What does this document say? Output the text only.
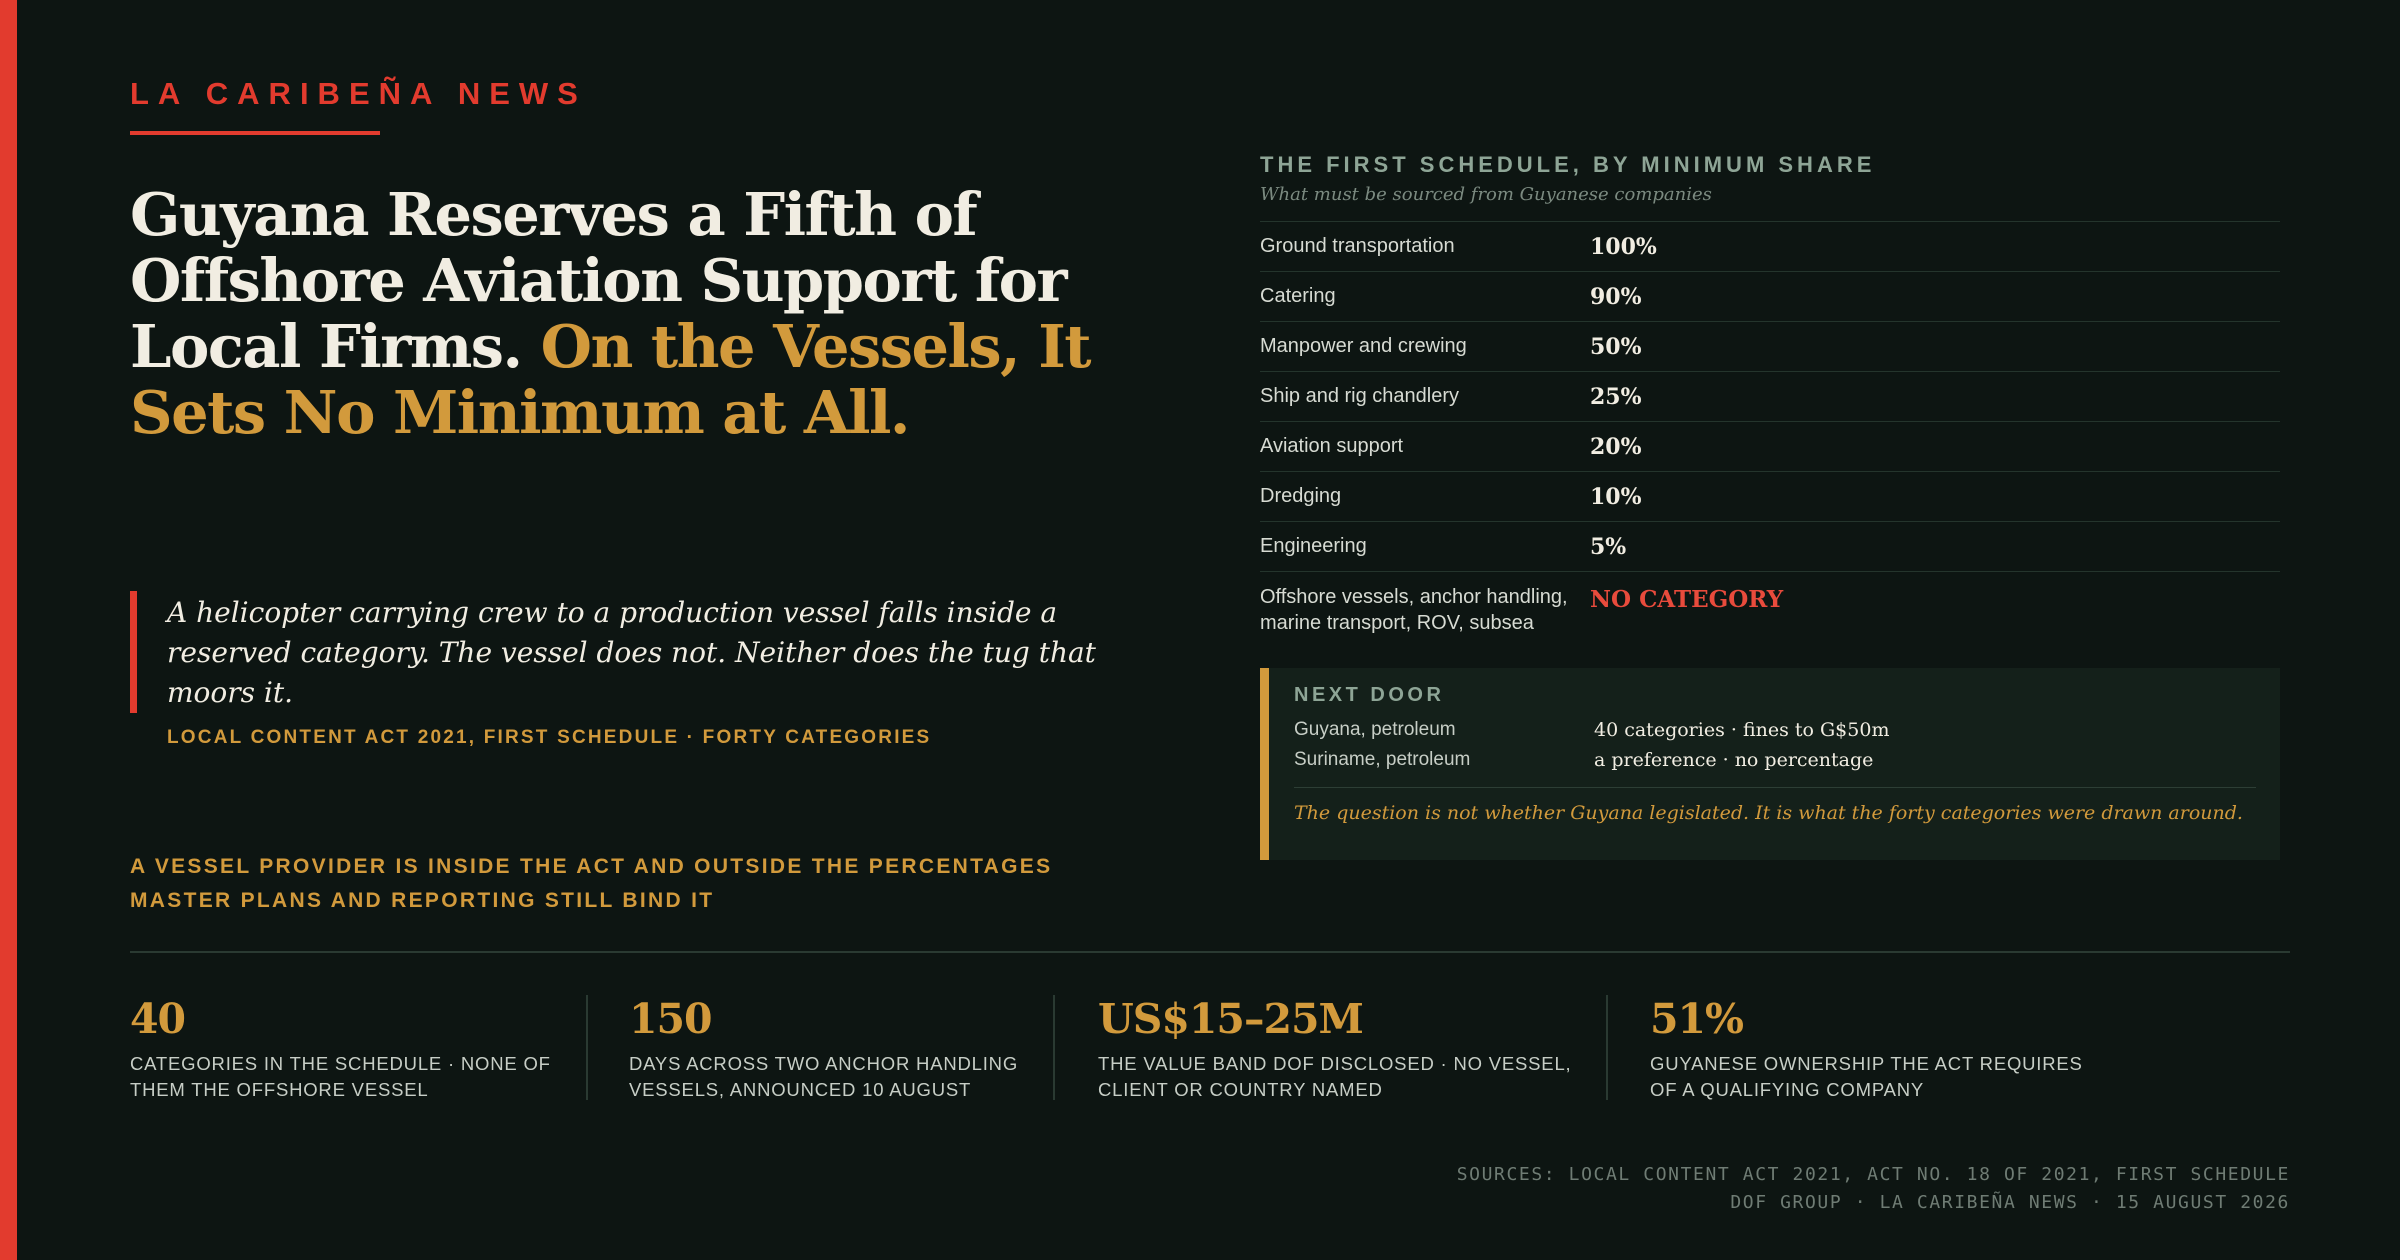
LA CARIBEÑA NEWS
Guyana Reserves a Fifth of Offshore Aviation Support for Local Firms. On the Vessels, It Sets No Minimum at All.
A helicopter carrying crew to a production vessel falls inside a reserved category. The vessel does not. Neither does the tug that moors it.
LOCAL CONTENT ACT 2021, FIRST SCHEDULE · FORTY CATEGORIES
A VESSEL PROVIDER IS INSIDE THE ACT AND OUTSIDE THE PERCENTAGES
MASTER PLANS AND REPORTING STILL BIND IT
THE FIRST SCHEDULE, BY MINIMUM SHARE
What must be sourced from Guyanese companies
Ground transportation	100%
Catering	90%
Manpower and crewing	50%
Ship and rig chandlery	25%
Aviation support	20%
Dredging	10%
Engineering	5%
Offshore vessels, anchor handling,
marine transport, ROV, subsea
NO CATEGORY
NEXT DOOR
Guyana, petroleum	40 categories · fines to G$50m
Suriname, petroleum	a preference · no percentage
The question is not whether Guyana legislated. It is what the forty categories were drawn around.
40
CATEGORIES IN THE SCHEDULE · NONE OF
THEM THE OFFSHORE VESSEL
150
DAYS ACROSS TWO ANCHOR HANDLING
VESSELS, ANNOUNCED 10 AUGUST
US$15–25M
THE VALUE BAND DOF DISCLOSED · NO VESSEL,
CLIENT OR COUNTRY NAMED
51%
GUYANESE OWNERSHIP THE ACT REQUIRES
OF A QUALIFYING COMPANY
SOURCES: LOCAL CONTENT ACT 2021, ACT NO. 18 OF 2021, FIRST SCHEDULE
DOF GROUP · LA CARIBEÑA NEWS · 15 AUGUST 2026
